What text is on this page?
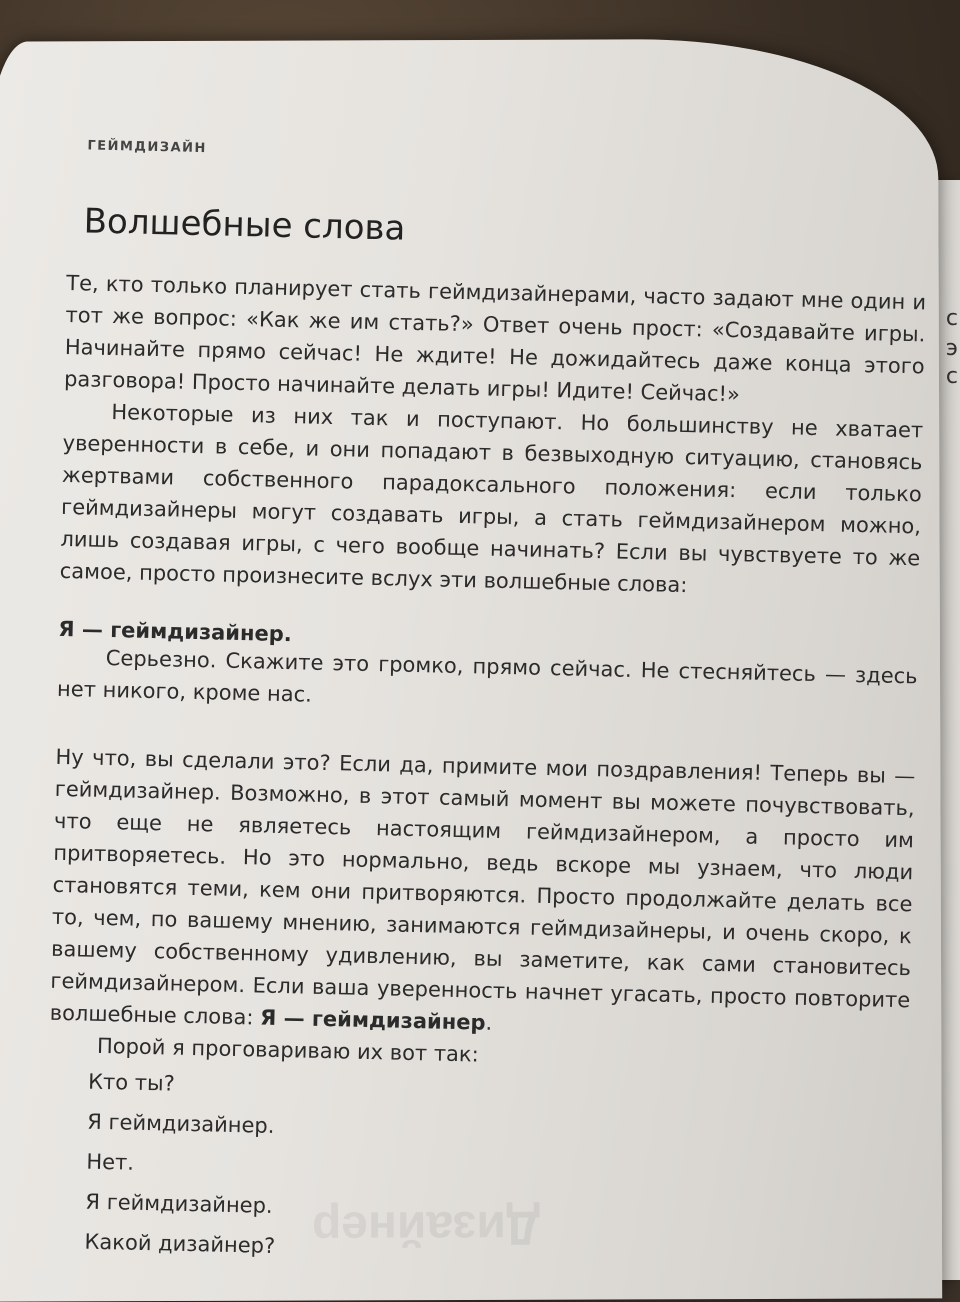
с
э
с
Дизайнер
ГЕЙМДИЗАЙН
Волшебные слова

Те, кто только планирует стать геймдизайнерами, часто задают мне один и тот же вопрос: «Как же им стать?» Ответ очень прост: «Создавайте игры. Начинайте прямо сейчас! Не ждите! Не дожидайтесь даже конца этого разговора! Просто начинайте делать игры! Идите! Сейчас!»

Некоторые из них так и поступают. Но большинству не хватает уверенности в себе, и они попадают в безвыходную ситуацию, становясь жертвами собственного парадоксального положения: если только геймдизайнеры могут создавать игры, а стать геймдизайнером можно, лишь создавая игры, с чего вообще начинать? Если вы чувствуете то же самое, просто произнесите вслух эти волшебные слова:

Я — геймдизайнер.

Серьезно. Скажите это громко, прямо сейчас. Не стесняйтесь — здесь нет никого, кроме нас.

Ну что, вы сделали это? Если да, примите мои поздравления! Теперь вы — геймдизайнер. Возможно, в этот самый момент вы можете почувствовать, что еще не являетесь настоящим геймдизайнером, а просто им притворяетесь. Но это нормально, ведь вскоре мы узнаем, что люди становятся теми, кем они притворяются. Просто продолжайте делать все то, чем, по вашему мнению, занимаются геймдизайнеры, и очень скоро, к вашему собственному удивлению, вы заметите, как сами становитесь геймдизайнером. Если ваша уверенность начнет угасать, просто повторите волшебные слова: Я — геймдизайнер.

Порой я проговариваю их вот так:

Кто ты?
Я геймдизайнер.
Нет.
Я геймдизайнер.
Какой дизайнер?
